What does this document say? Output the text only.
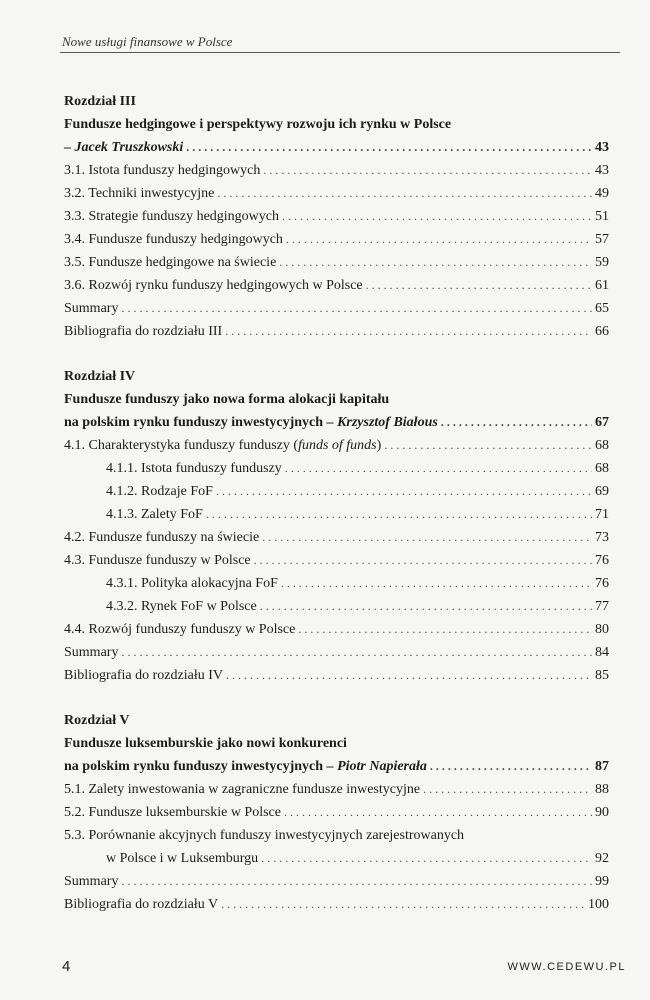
Nowe usługi finansowe w Polsce
Rozdział III
Fundusze hedgingowe i perspektywy rozwoju ich rynku w Polsce
– Jacek Truszkowski . . .	43
3.1. Istota funduszy hedgingowych . . .	43
3.2. Techniki inwestycyjne . . .	49
3.3. Strategie funduszy hedgingowych . . .	51
3.4. Fundusze funduszy hedgingowych . . .	57
3.5. Fundusze hedgingowe na świecie . . .	59
3.6. Rozwój rynku funduszy hedgingowych w Polsce . . .	61
Summary . . .	65
Bibliografia do rozdziału III . . .	66
Rozdział IV
Fundusze funduszy jako nowa forma alokacji kapitału
na polskim rynku funduszy inwestycyjnych – Krzysztof Białous . . .	67
4.1. Charakterystyka funduszy funduszy (funds of funds) . . .	68
4.1.1. Istota funduszy funduszy . . .	68
4.1.2. Rodzaje FoF . . .	69
4.1.3. Zalety FoF . . .	71
4.2. Fundusze funduszy na świecie . . .	73
4.3. Fundusze funduszy w Polsce . . .	76
4.3.1. Polityka alokacyjna FoF . . .	76
4.3.2. Rynek FoF w Polsce . . .	77
4.4. Rozwój funduszy funduszy w Polsce . . .	80
Summary . . .	84
Bibliografia do rozdziału IV . . .	85
Rozdział V
Fundusze luksemburskie jako nowi konkurenci
na polskim rynku funduszy inwestycyjnych – Piotr Napierała . . .	87
5.1. Zalety inwestowania w zagraniczne fundusze inwestycyjne . . .	88
5.2. Fundusze luksemburskie w Polsce . . .	90
5.3. Porównanie akcyjnych funduszy inwestycyjnych zarejestrowanych
w Polsce i w Luksemburgu . . .	92
Summary . . .	99
Bibliografia do rozdziału V . . .	100
4	WWW.CEDEWU.PL
